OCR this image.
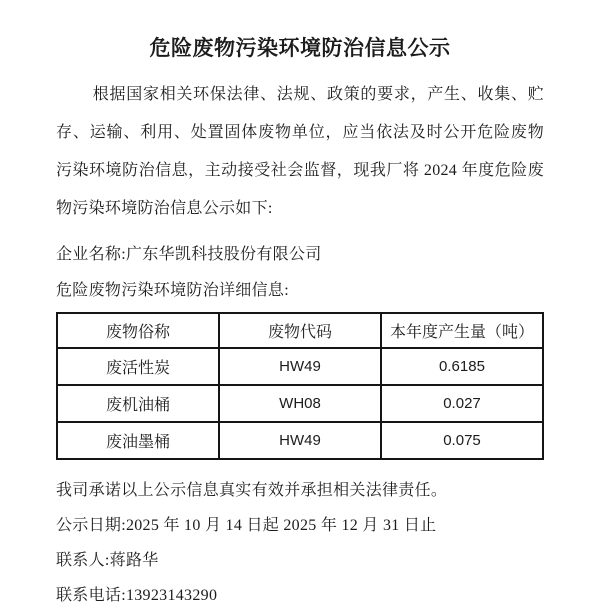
危险废物污染环境防治信息公示

根据国家相关环保法律、法规、政策的要求，产生、收集、贮存、运输、利用、处置固体废物单位，应当依法及时公开危险废物污染环境防治信息，主动接受社会监督，现我厂将 2024 年度危险废物污染环境防治信息公示如下:

企业名称:广东华凯科技股份有限公司

危险废物污染环境防治详细信息:

废物俗称	废物代码	本年度产生量（吨）
废活性炭	HW49	0.6185
废机油桶	WH08	0.027
废油墨桶	HW49	0.075

我司承诺以上公示信息真实有效并承担相关法律责任。

公示日期:2025 年 10 月 14 日起 2025 年 12 月 31 日止

联系人:蒋路华

联系电话:13923143290
